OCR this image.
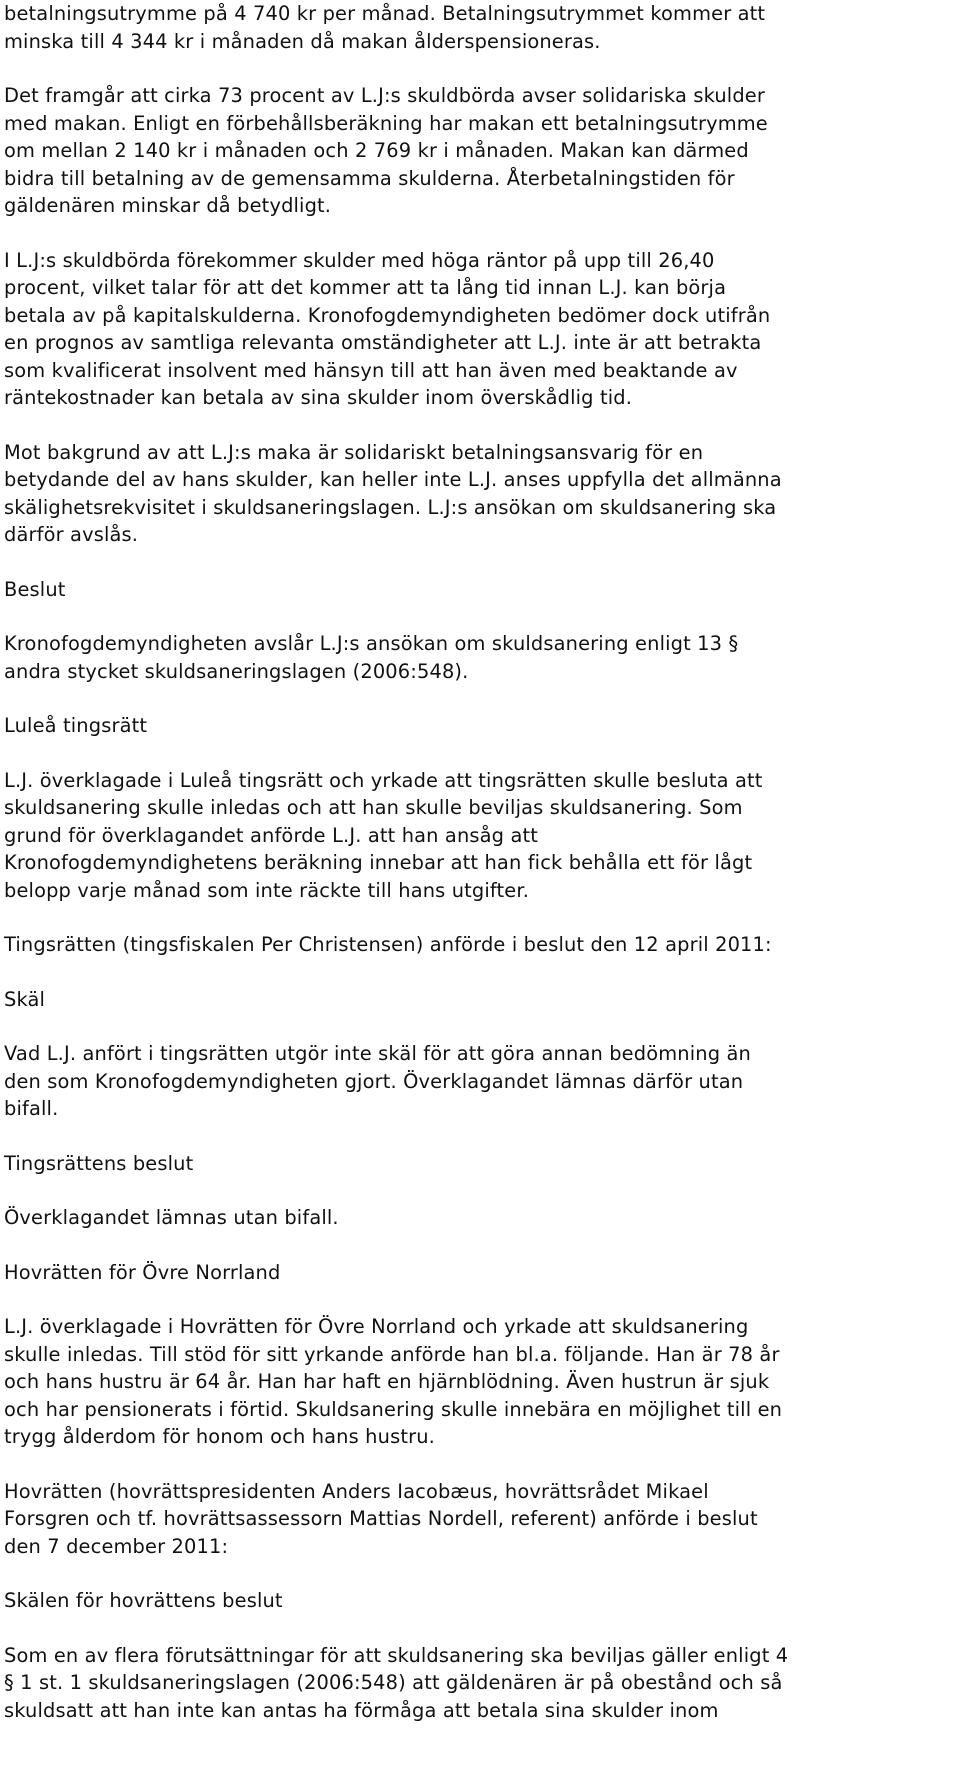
betalningsutrymme på 4 740 kr per månad. Betalningsutrymmet kommer att
minska till 4 344 kr i månaden då makan ålderspensioneras.
Det framgår att cirka 73 procent av L.J:s skuldbörda avser solidariska skulder
med makan. Enligt en förbehållsberäkning har makan ett betalningsutrymme
om mellan 2 140 kr i månaden och 2 769 kr i månaden. Makan kan därmed
bidra till betalning av de gemensamma skulderna. Återbetalningstiden för
gäldenären minskar då betydligt.
I L.J:s skuldbörda förekommer skulder med höga räntor på upp till 26,40
procent, vilket talar för att det kommer att ta lång tid innan L.J. kan börja
betala av på kapitalskulderna. Kronofogdemyndigheten bedömer dock utifrån
en prognos av samtliga relevanta omständigheter att L.J. inte är att betrakta
som kvalificerat insolvent med hänsyn till att han även med beaktande av
räntekostnader kan betala av sina skulder inom överskådlig tid.
Mot bakgrund av att L.J:s maka är solidariskt betalningsansvarig för en
betydande del av hans skulder, kan heller inte L.J. anses uppfylla det allmänna
skälighetsrekvisitet i skuldsaneringslagen. L.J:s ansökan om skuldsanering ska
därför avslås.
Beslut
Kronofogdemyndigheten avslår L.J:s ansökan om skuldsanering enligt 13 §
andra stycket skuldsaneringslagen (2006:548).
Luleå tingsrätt
L.J. överklagade i Luleå tingsrätt och yrkade att tingsrätten skulle besluta att
skuldsanering skulle inledas och att han skulle beviljas skuldsanering. Som
grund för överklagandet anförde L.J. att han ansåg att
Kronofogdemyndighetens beräkning innebar att han fick behålla ett för lågt
belopp varje månad som inte räckte till hans utgifter.
Tingsrätten (tingsfiskalen Per Christensen) anförde i beslut den 12 april 2011:
Skäl
Vad L.J. anfört i tingsrätten utgör inte skäl för att göra annan bedömning än
den som Kronofogdemyndigheten gjort. Överklagandet lämnas därför utan
bifall.
Tingsrättens beslut
Överklagandet lämnas utan bifall.
Hovrätten för Övre Norrland
L.J. överklagade i Hovrätten för Övre Norrland och yrkade att skuldsanering
skulle inledas. Till stöd för sitt yrkande anförde han bl.a. följande. Han är 78 år
och hans hustru är 64 år. Han har haft en hjärnblödning. Även hustrun är sjuk
och har pensionerats i förtid. Skuldsanering skulle innebära en möjlighet till en
trygg ålderdom för honom och hans hustru.
Hovrätten (hovrättspresidenten Anders Iacobæus, hovrättsrådet Mikael
Forsgren och tf. hovrättsassessorn Mattias Nordell, referent) anförde i beslut
den 7 december 2011:
Skälen för hovrättens beslut
Som en av flera förutsättningar för att skuldsanering ska beviljas gäller enligt 4
§ 1 st. 1 skuldsaneringslagen (2006:548) att gäldenären är på obestånd och så
skuldsatt att han inte kan antas ha förmåga att betala sina skulder inom
